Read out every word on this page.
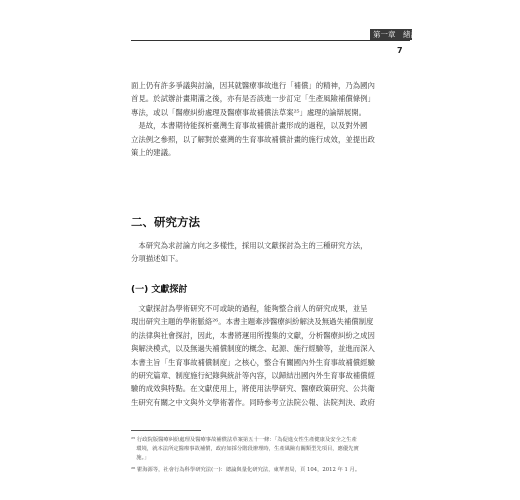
第一章　緒論
7
面上仍有許多爭議與討論，因其就醫療事故進行「補償」的精神，乃為國內
首見。於試辦計畫期滿之後，亦有是否該進一步訂定「生產風險補償條例」
專法，或以「醫療糾紛處理及醫療事故補償法草案²⁵」處理的論辯展開。
　是故，本書期待能探析臺灣生育事故補償計畫形成的過程，以及對外國
立法例之參照，以了解對於臺灣的生育事故補償計畫的施行成效，並提出政
策上的建議。
二、研究方法
　本研究為求討論方向之多樣性，採用以文獻探討為主的三種研究方法，
分項描述如下。
(一) 文獻探討
　文獻探討為學術研究不可或缺的過程，能夠整合前人的研究成果，並呈
現出研究主題的學術脈絡²⁶。本書主題牽涉醫療糾紛解決及無過失補償制度
的法律與社會探討，因此，本書將運用所搜集的文獻，分析醫療糾紛之成因
與解決模式，以及無過失補償制度的概念、起源、施行經驗等，並進而深入
本書主旨「生育事故補償制度」之核心，整合有關國內外生育事故補償經驗
的研究篇章、制度施行紀錄與統計等內容，以歸結出國內外生育事故補償經
驗的成效與特點。在文獻使用上，將使用法學研究、醫療政策研究、公共衛
生研究有關之中文與外文學術著作。同時參考立法院公報、法院判決、政府
²⁵ 行政院版醫療糾紛處理及醫療事故補償法草案第五十一條：「為促進女性生產健康及安全之生產
　環境，就本法所定醫療事故補償，政府如採分階段辦理時，生產風險有關類型先項目，應優先實
　施。」
²⁶ 瞿海源等，社會行為科學研究法(一)：總論與量化研究法，東華書局，頁 104，2012 年 1 月。
